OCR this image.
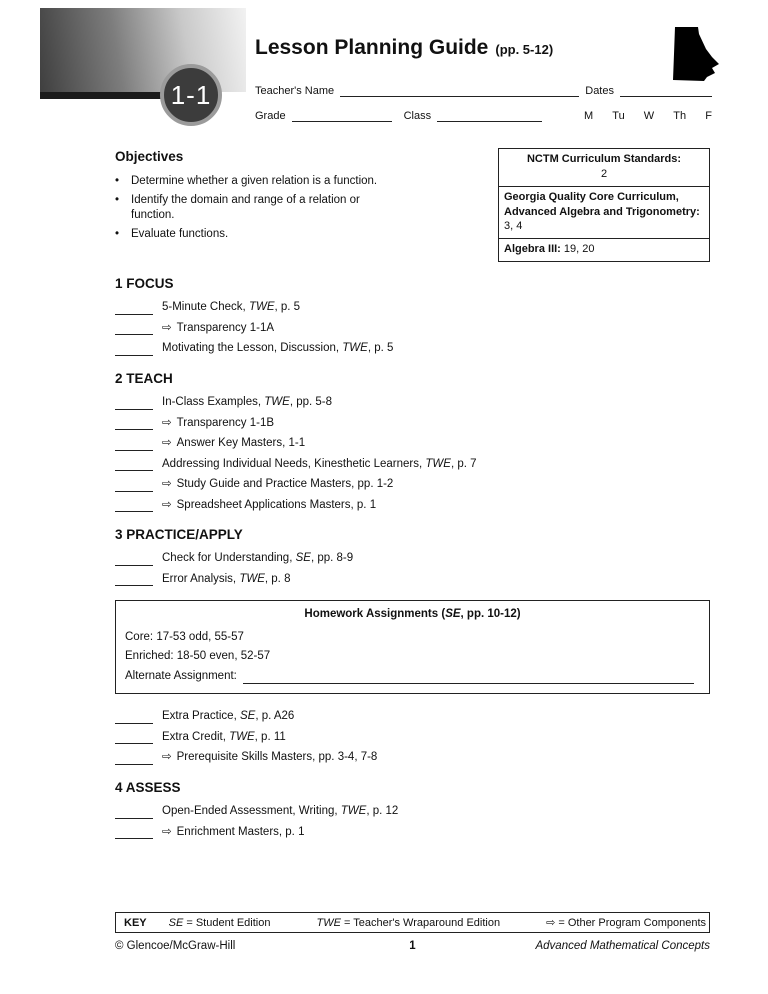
1-1
Lesson Planning Guide (pp. 5-12)
Teacher's Name	Dates
Grade	Class	M Tu W Th F
Objectives
•	Determine whether a given relation is a function.
•	Identify the domain and range of a relation or function.
•	Evaluate functions.
NCTM Curriculum Standards:
2
Georgia Quality Core Curriculum, Advanced Algebra and Trigonometry: 3, 4
Algebra III: 19, 20
1 FOCUS
5-Minute Check, TWE, p. 5
⇨ Transparency 1-1A
Motivating the Lesson, Discussion, TWE, p. 5
2 TEACH
In-Class Examples, TWE, pp. 5-8
⇨ Transparency 1-1B
⇨ Answer Key Masters, 1-1
Addressing Individual Needs, Kinesthetic Learners, TWE, p. 7
⇨ Study Guide and Practice Masters, pp. 1-2
⇨ Spreadsheet Applications Masters, p. 1
3 PRACTICE/APPLY
Check for Understanding, SE, pp. 8-9
Error Analysis, TWE, p. 8
Homework Assignments (SE, pp. 10-12)
Core: 17-53 odd, 55-57
Enriched: 18-50 even, 52-57
Alternate Assignment:
Extra Practice, SE, p. A26
Extra Credit, TWE, p. 11
⇨ Prerequisite Skills Masters, pp. 3-4, 7-8
4 ASSESS
Open-Ended Assessment, Writing, TWE, p. 12
⇨ Enrichment Masters, p. 1
KEY SE = Student Edition	TWE = Teacher's Wraparound Edition	⇨ = Other Program Components
© Glencoe/McGraw-Hill	1	Advanced Mathematical Concepts
